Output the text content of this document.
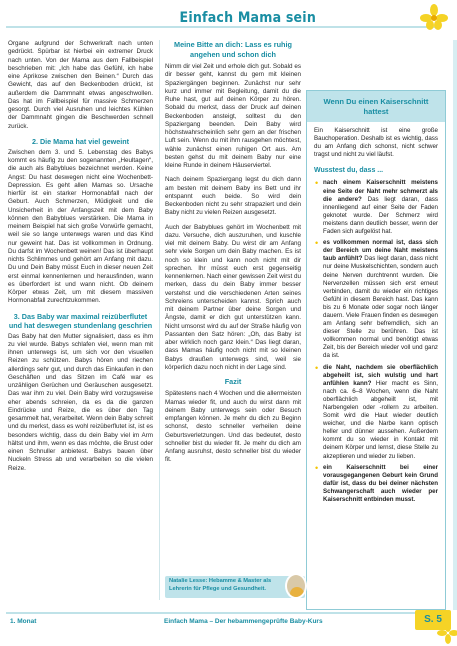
Einfach Mama sein

Organe aufgrund der Schwerkraft nach unten gedrückt. Spürbar ist hierbei ein extremer Druck nach unten. Von der Mama aus dem Fallbeispiel beschrieben mit: „Ich habe das Gefühl, ich habe eine Aprikose zwischen den Beinen.“ Durch das Gewicht, das auf den Beckenboden drückt, ist außerdem die Dammnaht etwas angeschwollen. Das hat im Fallbeispiel für massive Schmerzen gesorgt. Durch viel Ausruhen und leichtes Kühlen der Dammnaht gingen die Beschwerden schnell zurück.

2. Die Mama hat viel geweint

Zwischen dem 3. und 5. Lebenstag des Babys kommt es häufig zu den sogenannten „Heultagen“, die auch als Babyblues bezeichnet werden. Keine Angst: Du hast deswegen nicht eine Wochenbett-Depression. Es geht allen Mamas so. Ursache hierfür ist ein starker Hormonabfall nach der Geburt. Auch Schmerzen, Müdigkeit und die Unsicherheit in der Anfangszeit mit dem Baby können den Babyblues verstärken. Die Mama in meinem Beispiel hat sich große Vorwürfe gemacht, weil sie so lange unterwegs waren und das Kind nur geweint hat. Das ist vollkommen in Ordnung. Du darfst im Wochenbett weinen! Das ist überhaupt nichts Schlimmes und gehört am Anfang mit dazu. Du und Dein Baby müsst Euch in dieser neuen Zeit erst einmal kennenlernen und herausfinden, wann es überfordert ist und wann nicht. Ob deinem Körper etwas Zeit, um mit diesem massiven Hormonabfall zurechtzukommen.

3. Das Baby war maximal reizüberflutet und hat deswegen stundenlang geschrien

Das Baby hat den Mutter signalisiert, dass es ihm zu viel wurde. Babys schlafen viel, wenn man mit ihnen unterwegs ist, um sich vor den visuellen Reizen zu schützen. Babys hören und riechen allerdings sehr gut, und durch das Einkaufen in den Geschäften und das Sitzen im Café war es unzähligen Gerüchen und Geräuschen ausgesetzt. Das war ihm zu viel. Dein Baby wird vorzugsweise eher abends schreien, da es da die ganzen Eindrücke und Reize, die es über den Tag gesammelt hat, verarbeitet. Wenn dein Baby schreit und du merkst, dass es wohl reizüberflutet ist, ist es besonders wichtig, dass du dein Baby viel im Arm hältst und ihm, wenn es das möchte, die Brust oder einen Schnuller anbietest. Babys bauen über Nuckeln Stress ab und verarbeiten so die vielen Reize.

Meine Bitte an dich: Lass es ruhig angehen und schon dich

Nimm dir viel Zeit und erhole dich gut. Sobald es dir besser geht, kannst du gern mit kleinen Spaziergängen beginnen. Zunächst nur sehr kurz und immer mit Begleitung, damit du die Ruhe hast, gut auf deinen Körper zu hören. Sobald du merkst, dass der Druck auf deinen Beckenboden ansteigt, solltest du den Spaziergang beenden. Dein Baby wird höchstwahrscheinlich sehr gern an der frischen Luft sein. Wenn du mit ihm rausgehen möchtest, wähle zunächst einen ruhigen Ort aus. Am besten gehst du mit deinem Baby nur eine kleine Runde in deinem Häuserviertel.

Nach deinem Spaziergang legst du dich dann am besten mit deinem Baby ins Bett und ihr entspannt euch beide. So wird dein Beckenboden nicht zu sehr strapaziert und dein Baby nicht zu vielen Reizen ausgesetzt.

Auch der Babyblues gehört im Wochenbett mit dazu. Versuche, dich auszuruhen, und kuschle viel mit deinem Baby. Du wirst dir am Anfang sehr viele Sorgen um dein Baby machen. Es ist noch so klein und kann noch nicht mit dir sprechen. Ihr müsst euch erst gegenseitig kennenlernen. Nach einer gewissen Zeit wirst du merken, dass du dein Baby immer besser verstehst und die verschiedenen Arten seines Schreiens unterscheiden kannst. Sprich auch mit deinem Partner über deine Sorgen und Ängste, damit er dich gut unterstützen kann. Nicht umsonst wird du auf der Straße häufig von Passanten den Satz hören: „Oh, das Baby ist aber wirklich noch ganz klein.“ Das liegt daran, dass Mamas häufig noch nicht mit so kleinen Babys draußen unterwegs sind, weil sie körperlich dazu noch nicht in der Lage sind.

Fazit

Spätestens nach 4 Wochen und die allermeisten Mamas wieder fit, und auch du wirst dann mit deinem Baby unterwegs sein oder Besuch empfangen können. Je mehr du dich zu Beginn schonst, desto schneller verheilen deine Geburtsverletzungen. Und das bedeutet, desto schneller bist du wieder fit. Je mehr du dich am Anfang ausruhst, desto schneller bist du wieder fit.

Wenn Du einen Kaiserschnitt hattest

Ein Kaiserschnitt ist eine große Bauchoperation. Deshalb ist es wichtig, dass du am Anfang dich schonst, nicht schwer tragst und nicht zu viel läufst.

Wusstest du, dass ...
• nach einem Kaiserschnitt meistens eine Seite der Naht mehr schmerzt als die andere? Das liegt daran, dass innenliegend auf einer Seite der Faden geknotet wurde. Der Schmerz wird meistens dann deutlich besser, wenn der Faden sich aufgelöst hat.
• es vollkommen normal ist, dass sich der Bereich um deine Naht meistens taub anfühlt? Das liegt daran, dass nicht nur deine Muskelschichten, sondern auch deine Nerven durchtrennt wurden. Die Nervenzellen müssen sich erst erneut verbinden, damit du wieder ein richtiges Gefühl in diesem Bereich hast. Das kann bis zu 6 Monate oder sogar noch länger dauern. Viele Frauen finden es deswegen am Anfang sehr befremdlich, sich an dieser Stelle zu berühren. Das ist vollkommen normal und benötigt etwas Zeit, bis der Bereich wieder voll und ganz da ist.
• die Naht, nachdem sie oberflächlich abgeheilt ist, sich wulstig und hart anfühlen kann? Hier macht es Sinn, nach ca. 6–8 Wochen, wenn die Naht oberflächlich abgeheilt ist, mit Narbengelen oder -rollern zu arbeiten. Somit wird die Haut wieder deutlich weicher, und die Narbe kann optisch heller und dünner aussehen. Außerdem kommt du so wieder in Kontakt mit deinem Körper und lernst, diese Stelle zu akzeptieren und wieder zu lieben.
• ein Kaiserschnitt bei einer vorausgegangenen Geburt kein Grund dafür ist, dass du bei deiner nächsten Schwangerschaft auch wieder per Kaiserschnitt entbinden musst.
Natalie Lesse: Hebamme & Master als Lehrerin für Pflege und Gesundheit.
1. Monat	Einfach Mama – Der hebammengeprüfte Baby-Kurs	S. 5
